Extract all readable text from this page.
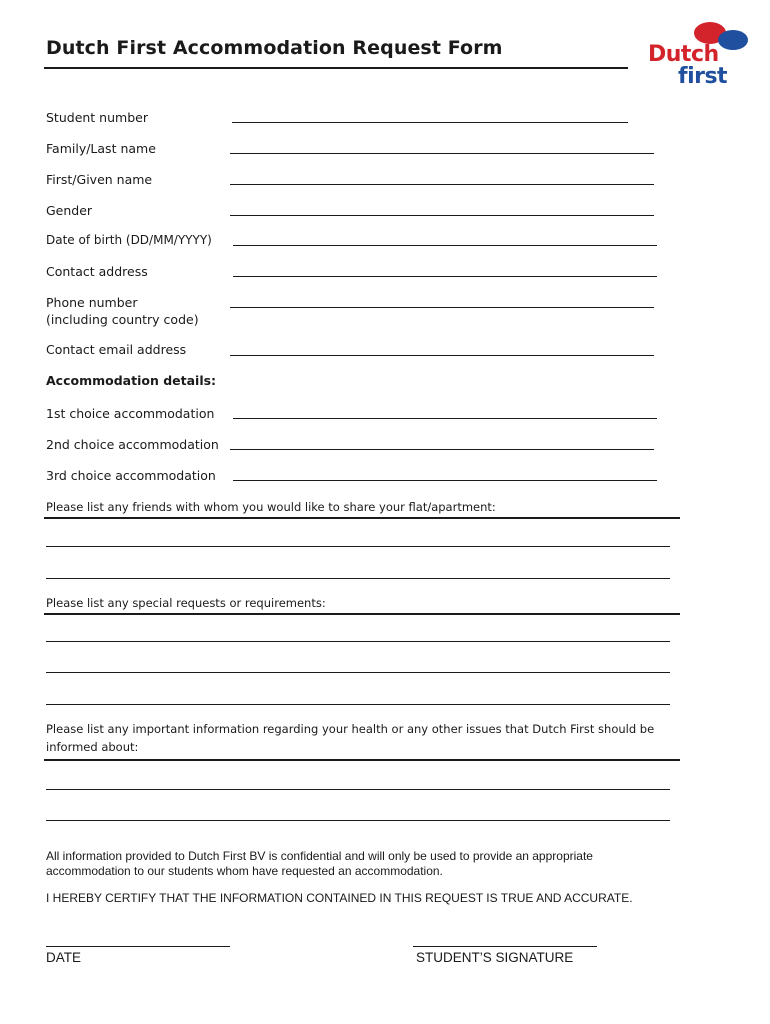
Dutch First Accommodation Request Form	Dutch
first
Student number
Family/Last name
First/Given name
Gender
Date of birth (DD/MM/YYYY)
Contact address
Phone number
(including country code)
Contact email address
Accommodation details:
1st choice accommodation
2nd choice accommodation
3rd choice accommodation
Please list any friends with whom you would like to share your flat/apartment:
Please list any special requests or requirements:
Please list any important information regarding your health or any other issues that Dutch First should be informed about:
All information provided to Dutch First BV is confidential and will only be used to provide an appropriate accommodation to our students whom have requested an accommodation.
I HEREBY CERTIFY THAT THE INFORMATION CONTAINED IN THIS REQUEST IS TRUE AND ACCURATE.
DATE	STUDENT’S SIGNATURE
